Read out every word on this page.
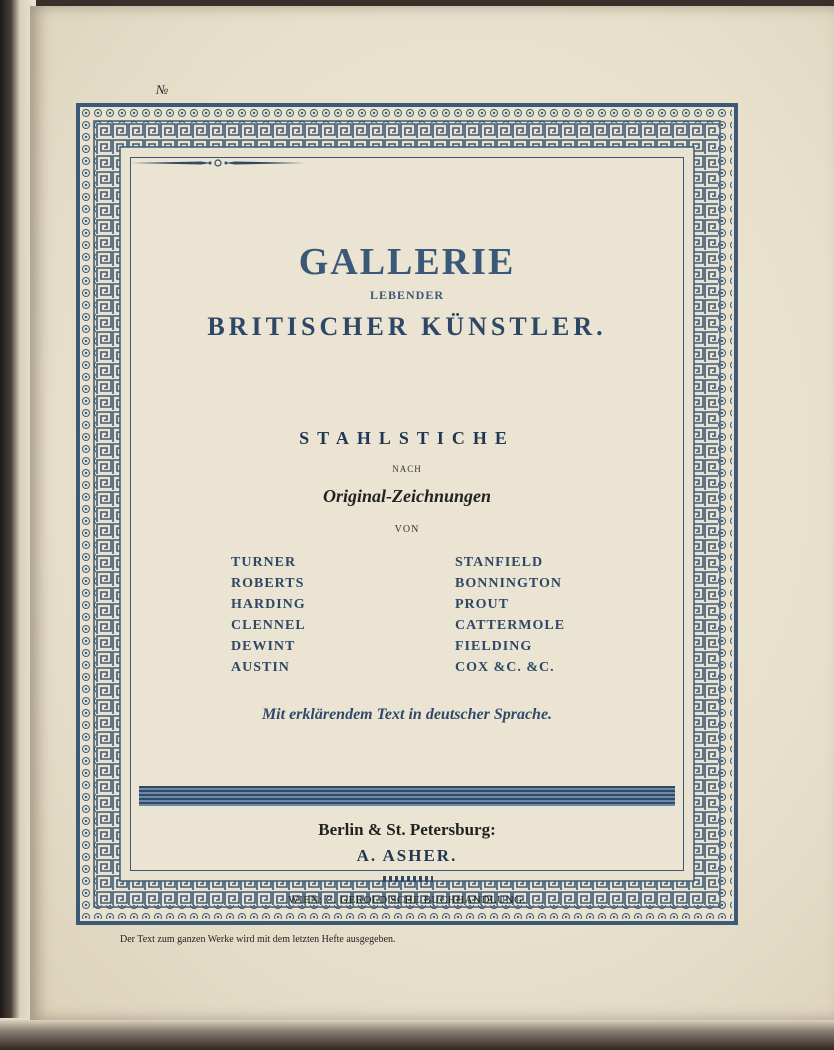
№
GALLERIE
LEBENDER
BRITISCHER KÜNSTLER.
STAHLSTICHE
NACH
Original-Zeichnungen
VON
TURNER
ROBERTS
HARDING
CLENNEL
DEWINT
AUSTIN
STANFIELD
BONNINGTON
PROUT
CATTERMOLE
FIELDING
COX &C. &C.
Mit erklärendem Text in deutscher Sprache.
Berlin & St. Petersburg:
A. ASHER.
WIEN: C. GEROLD'SCHE BUCHHANDLUNG.
Der Text zum ganzen Werke wird mit dem letzten Hefte ausgegeben.
